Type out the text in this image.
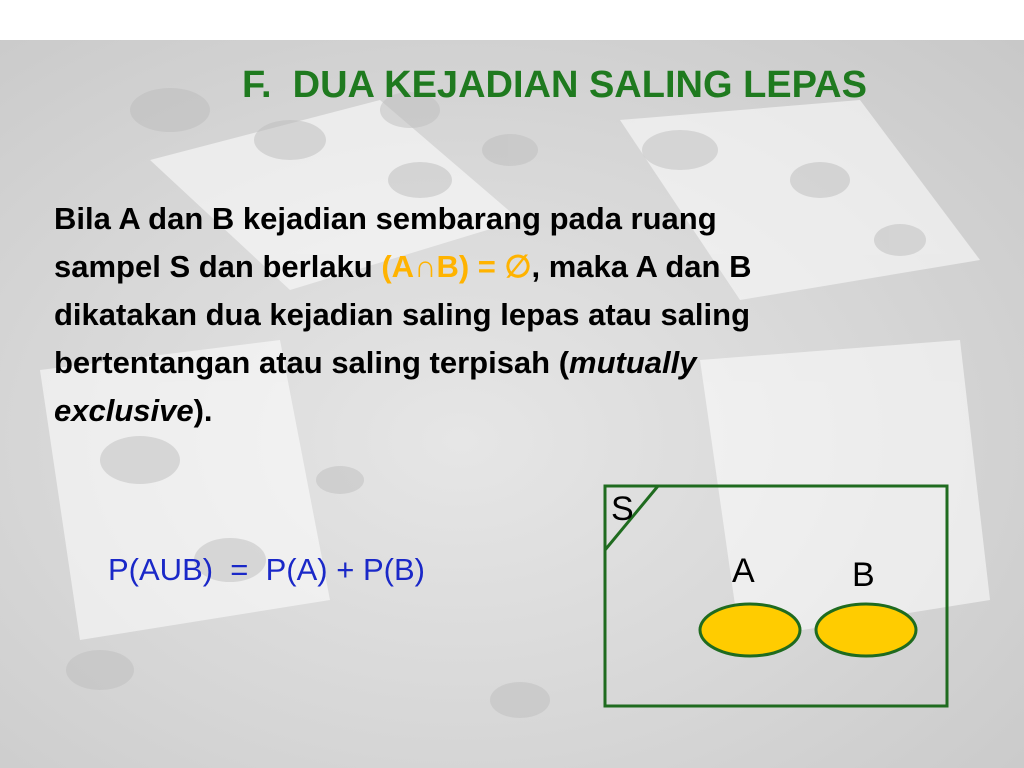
F.  DUA KEJADIAN SALING LEPAS
Bila A dan B kejadian sembarang pada ruang
sampel S dan berlaku (A∩B) = ∅, maka A dan B
dikatakan dua kejadian saling lepas atau saling
bertentangan atau saling terpisah (mutually
exclusive).
P(AUB)  =  P(A) + P(B)
S
A	B
